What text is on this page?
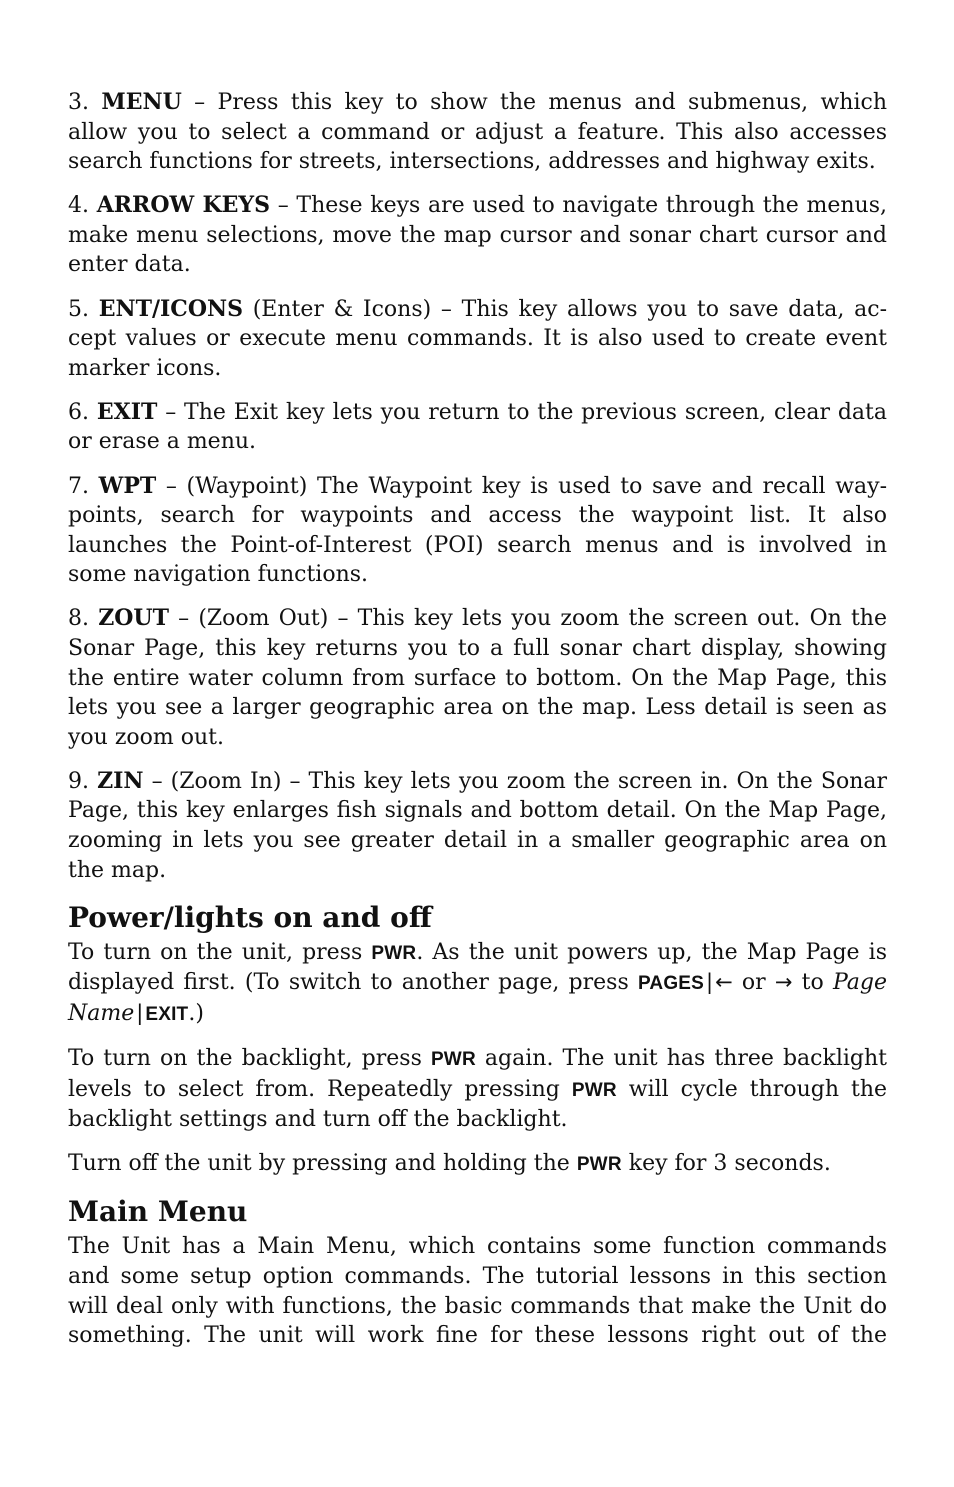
3. MENU – Press this key to show the menus and submenus, which allow you to select a command or adjust a feature. This also accesses search functions for streets, intersections, addresses and highway exits.

4. ARROW KEYS – These keys are used to navigate through the menus, make menu selections, move the map cursor and sonar chart cursor and enter data.

5. ENT/ICONS (Enter & Icons) – This key allows you to save data, ac-cept values or execute menu commands. It is also used to create event marker icons.

6. EXIT – The Exit key lets you return to the previous screen, clear data or erase a menu.

7. WPT – (Waypoint) The Waypoint key is used to save and recall way-points, search for waypoints and access the waypoint list. It also launches the Point-of-Interest (POI) search menus and is involved in some navigation functions.

8. ZOUT – (Zoom Out) – This key lets you zoom the screen out. On the Sonar Page, this key returns you to a full sonar chart display, showing the entire water column from surface to bottom. On the Map Page, this lets you see a larger geographic area on the map. Less detail is seen as you zoom out.

9. ZIN – (Zoom In) – This key lets you zoom the screen in. On the Sonar Page, this key enlarges fish signals and bottom detail. On the Map Page, zooming in lets you see greater detail in a smaller geographic area on the map.

Power/lights on and off

To turn on the unit, press PWR. As the unit powers up, the Map Page is displayed first. (To switch to another page, press PAGES|← or → to Page Name| EXIT.)

To turn on the backlight, press PWR again. The unit has three backlight levels to select from. Repeatedly pressing PWR will cycle through the backlight settings and turn off the backlight.

Turn off the unit by pressing and holding the PWR key for 3 seconds.

Main Menu

The Unit has a Main Menu, which contains some function commands and some setup option commands. The tutorial lessons in this section will deal only with functions, the basic commands that make the Unit do something. The unit will work fine for these lessons right out of the
